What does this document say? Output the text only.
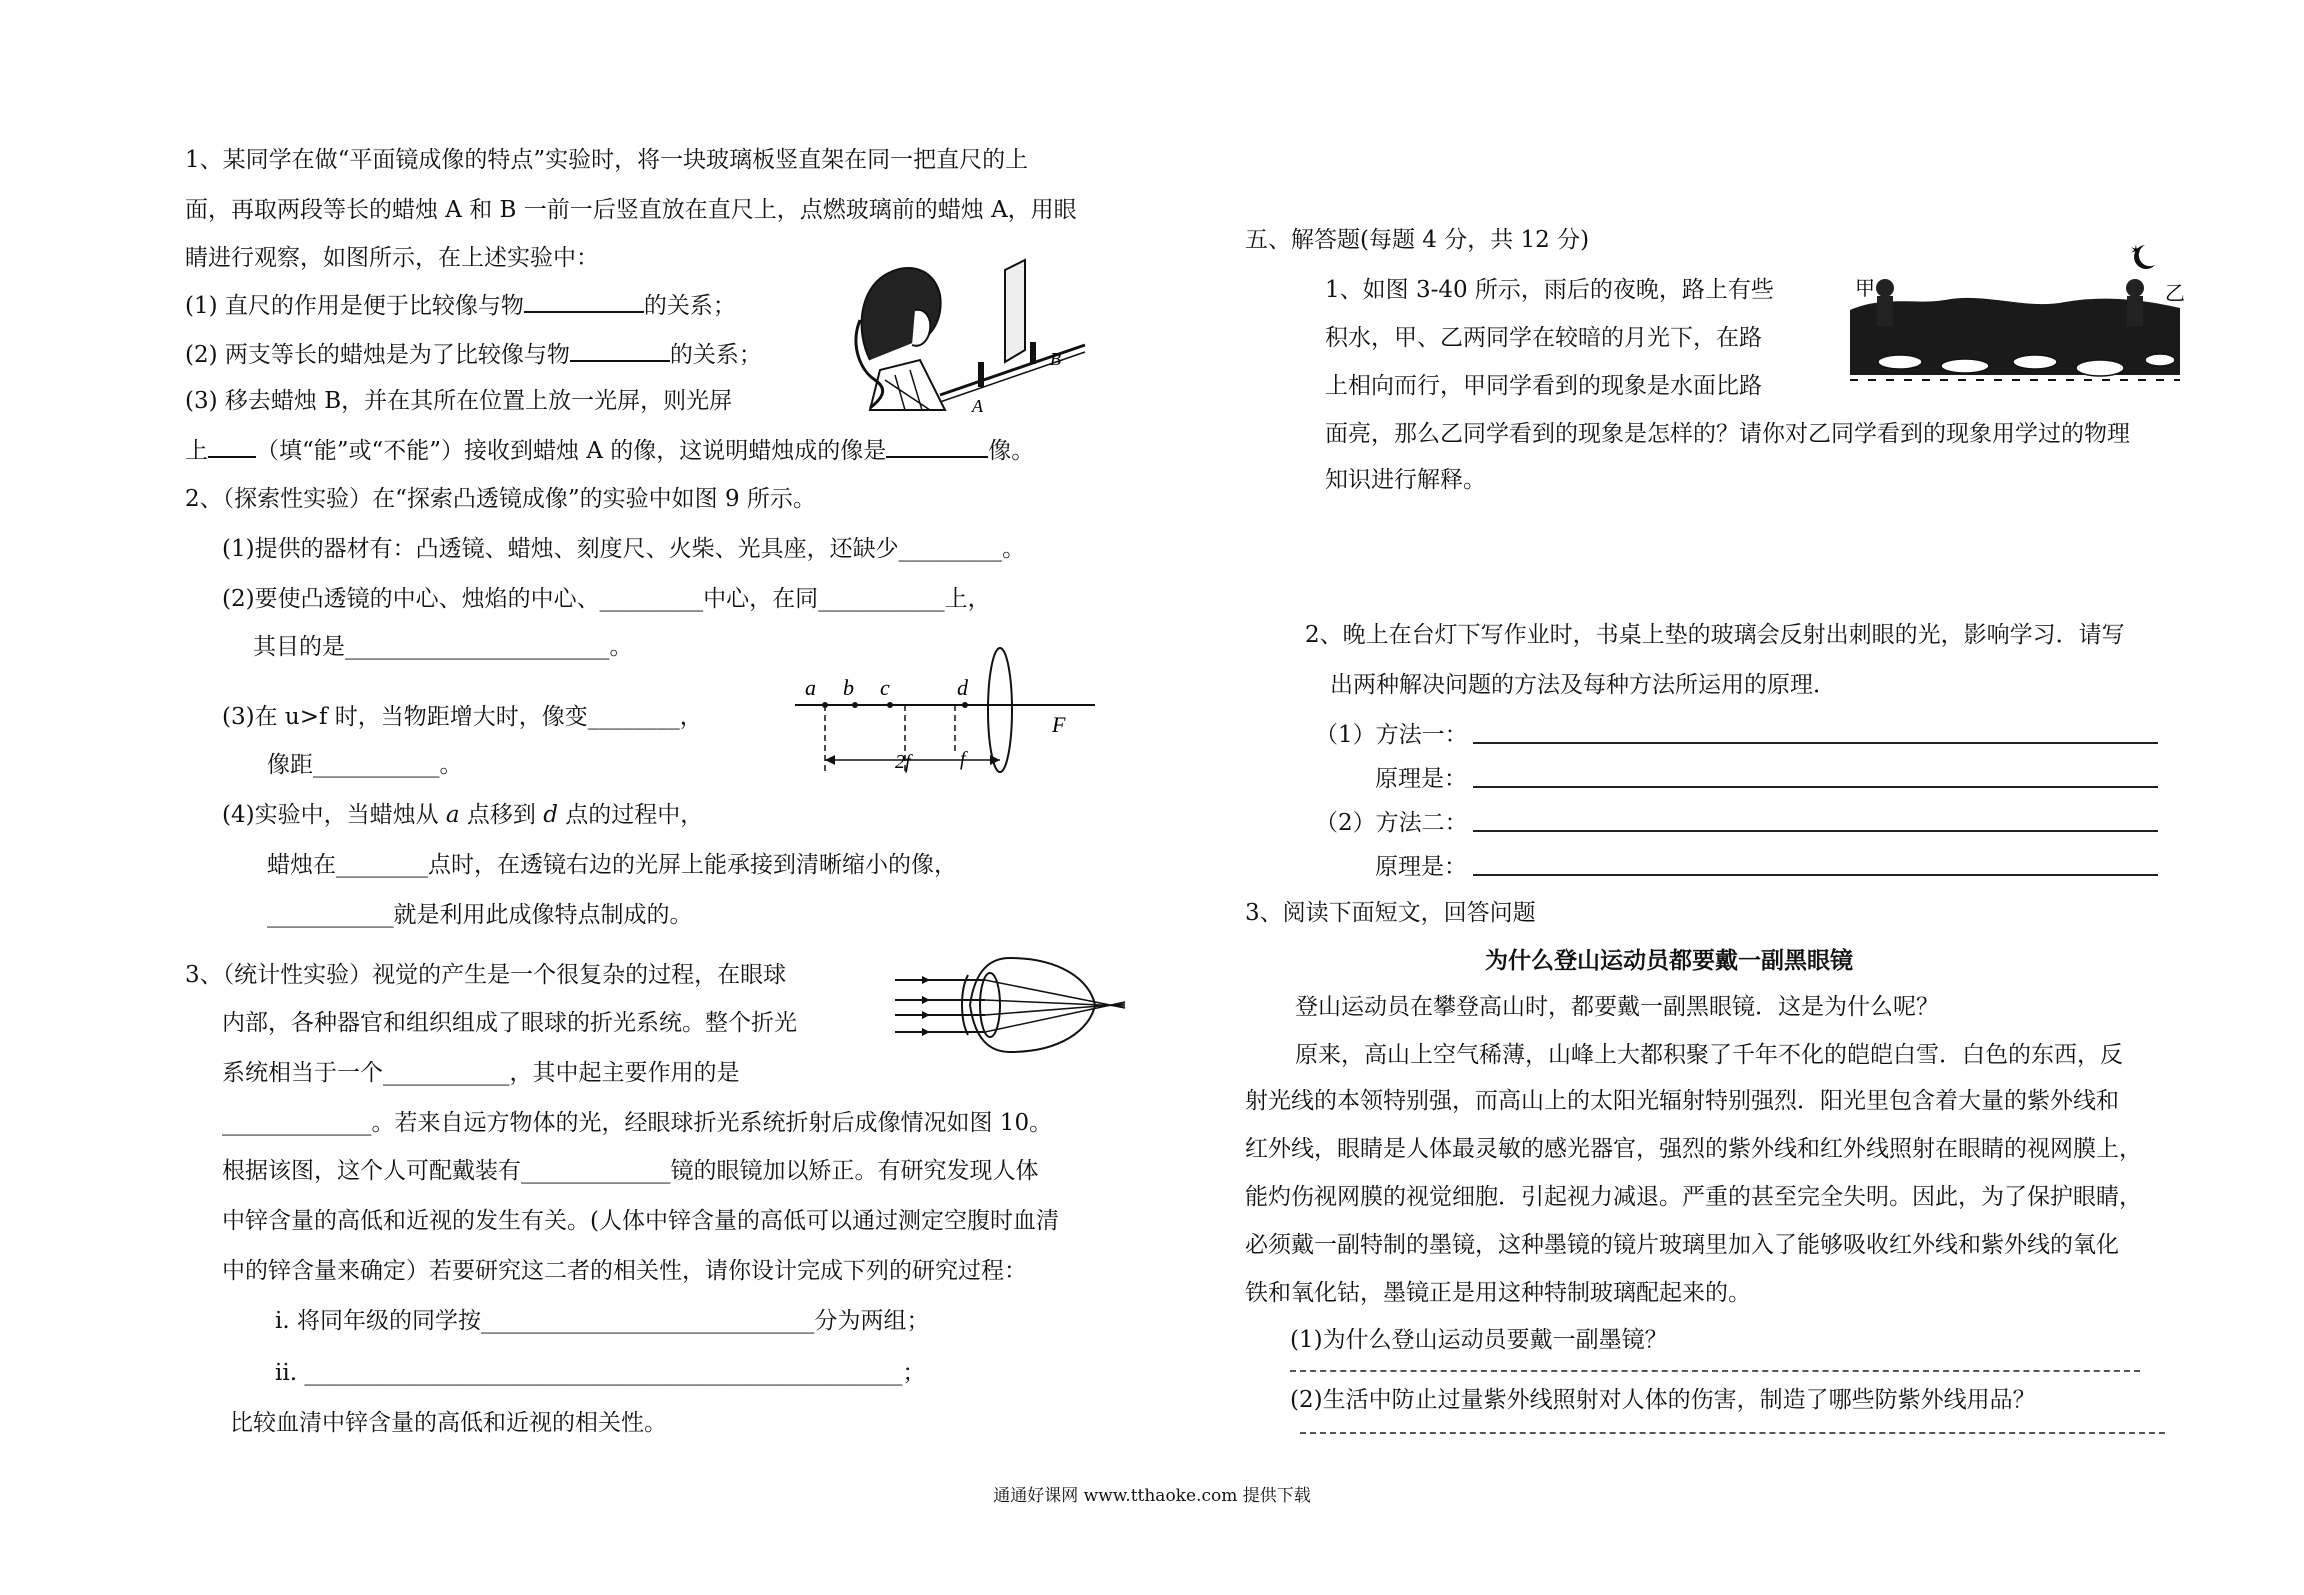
1、某同学在做“平面镜成像的特点”实验时，将一块玻璃板竖直架在同一把直尺的上
面，再取两段等长的蜡烛 A 和 B 一前一后竖直放在直尺上，点燃玻璃前的蜡烛 A，用眼
睛进行观察，如图所示，在上述实验中：
(1) 直尺的作用是便于比较像与物	的关系；
(2) 两支等长的蜡烛是为了比较像与物	的关系；
(3) 移去蜡烛 B，并在其所在位置上放一光屏，则光屏
上 （填“能”或“不能”）接收到蜡烛 A 的像，这说明蜡烛成的像是	像。
B
A
2、（探索性实验）在“探索凸透镜成像”的实验中如图 9 所示。
(1)提供的器材有：凸透镜、蜡烛、刻度尺、火柴、光具座，还缺少_________。
(2)要使凸透镜的中心、烛焰的中心、_________中心，在同___________上，
其目的是_______________________。
(3)在 u>f 时，当物距增大时，像变________，
像距___________。
(4)实验中，当蜡烛从 a 点移到 d 点的过程中，
蜡烛在________点时，在透镜右边的光屏上能承接到清晰缩小的像，
___________就是利用此成像特点制成的。
a b c	d
F
2f f
3、（统计性实验）视觉的产生是一个很复杂的过程，在眼球
内部，各种器官和组织组成了眼球的折光系统。整个折光
系统相当于一个___________，其中起主要作用的是
_____________。若来自远方物体的光，经眼球折光系统折射后成像情况如图 10。
根据该图，这个人可配戴装有_____________镜的眼镜加以矫正。有研究发现人体
中锌含量的高低和近视的发生有关。(人体中锌含量的高低可以通过测定空腹时血清
中的锌含量来确定）若要研究这二者的相关性，请你设计完成下列的研究过程：
i. 将同年级的同学按_____________________________分为两组；
ii. ____________________________________________________；
比较血清中锌含量的高低和近视的相关性。
五、解答题(每题 4 分，共 12 分)
1、如图 3-40 所示，雨后的夜晚，路上有些
积水，甲、乙两同学在较暗的月光下，在路
上相向而行，甲同学看到的现象是水面比路
面亮，那么乙同学看到的现象是怎样的？请你对乙同学看到的现象用学过的物理
知识进行解释。
✶
甲	乙
2、晚上在台灯下写作业时，书桌上垫的玻璃会反射出刺眼的光，影响学习．请写
出两种解决问题的方法及每种方法所运用的原理．
（1）方法一：
原理是：
（2）方法二：
原理是：
3、阅读下面短文，回答问题
为什么登山运动员都要戴一副黑眼镜
登山运动员在攀登高山时，都要戴一副黑眼镜．这是为什么呢？
原来，高山上空气稀薄，山峰上大都积聚了千年不化的皑皑白雪．白色的东西，反
射光线的本领特别强，而高山上的太阳光辐射特别强烈．阳光里包含着大量的紫外线和
红外线，眼睛是人体最灵敏的感光器官，强烈的紫外线和红外线照射在眼睛的视网膜上，
能灼伤视网膜的视觉细胞．引起视力减退。严重的甚至完全失明。因此，为了保护眼睛，
必须戴一副特制的墨镜，这种墨镜的镜片玻璃里加入了能够吸收红外线和紫外线的氧化
铁和氧化钴，墨镜正是用这种特制玻璃配起来的。
(1)为什么登山运动员要戴一副墨镜？
(2)生活中防止过量紫外线照射对人体的伤害，制造了哪些防紫外线用品？
通通好课网 www.tthaoke.com 提供下载
